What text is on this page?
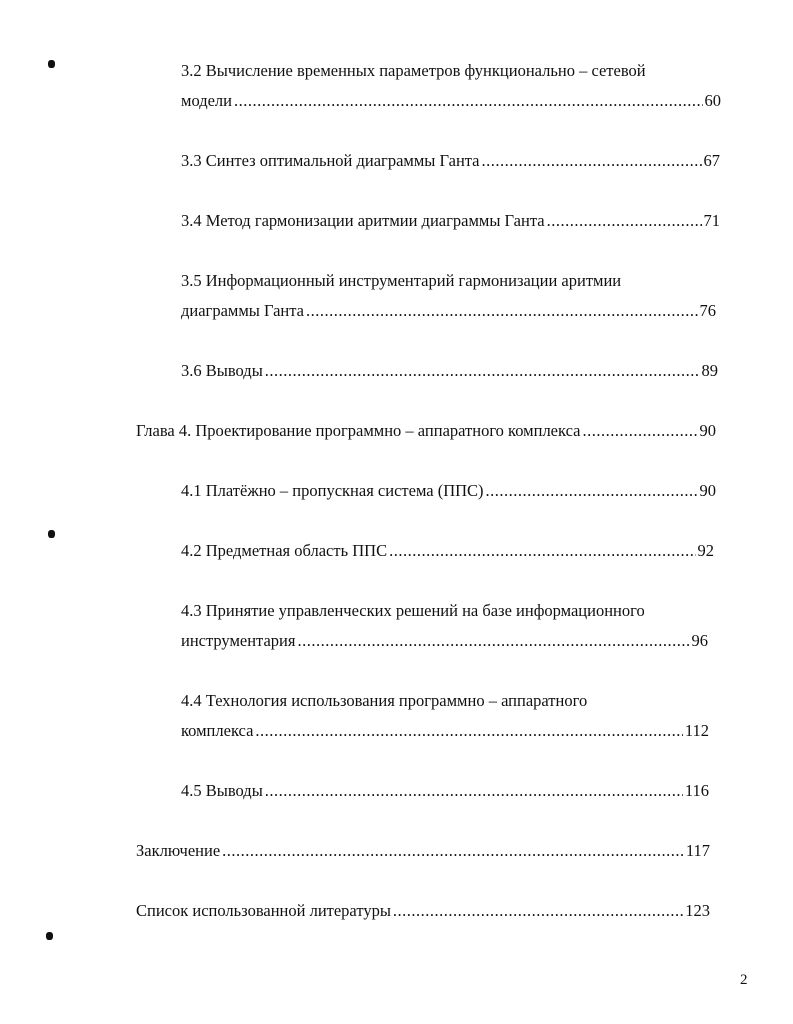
3.2 Вычисление временных параметров функционально – сетевой
модели .....	60
3.3 Синтез оптимальной диаграммы Ганта .....	67
3.4 Метод гармонизации аритмии диаграммы Ганта .....	71
3.5 Информационный инструментарий гармонизации аритмии
диаграммы Ганта .....	76
3.6 Выводы .....	89
Глава 4. Проектирование программно – аппаратного комплекса .....	90
4.1 Платёжно – пропускная система (ППС) .....	90
4.2 Предметная область ППС .....	92
4.3 Принятие управленческих решений на базе информационного
инструментария .....	96
4.4 Технология использования программно – аппаратного
комплекса .....	112
4.5 Выводы .....	116
Заключение .....	117
Список использованной литературы .....	123
2
